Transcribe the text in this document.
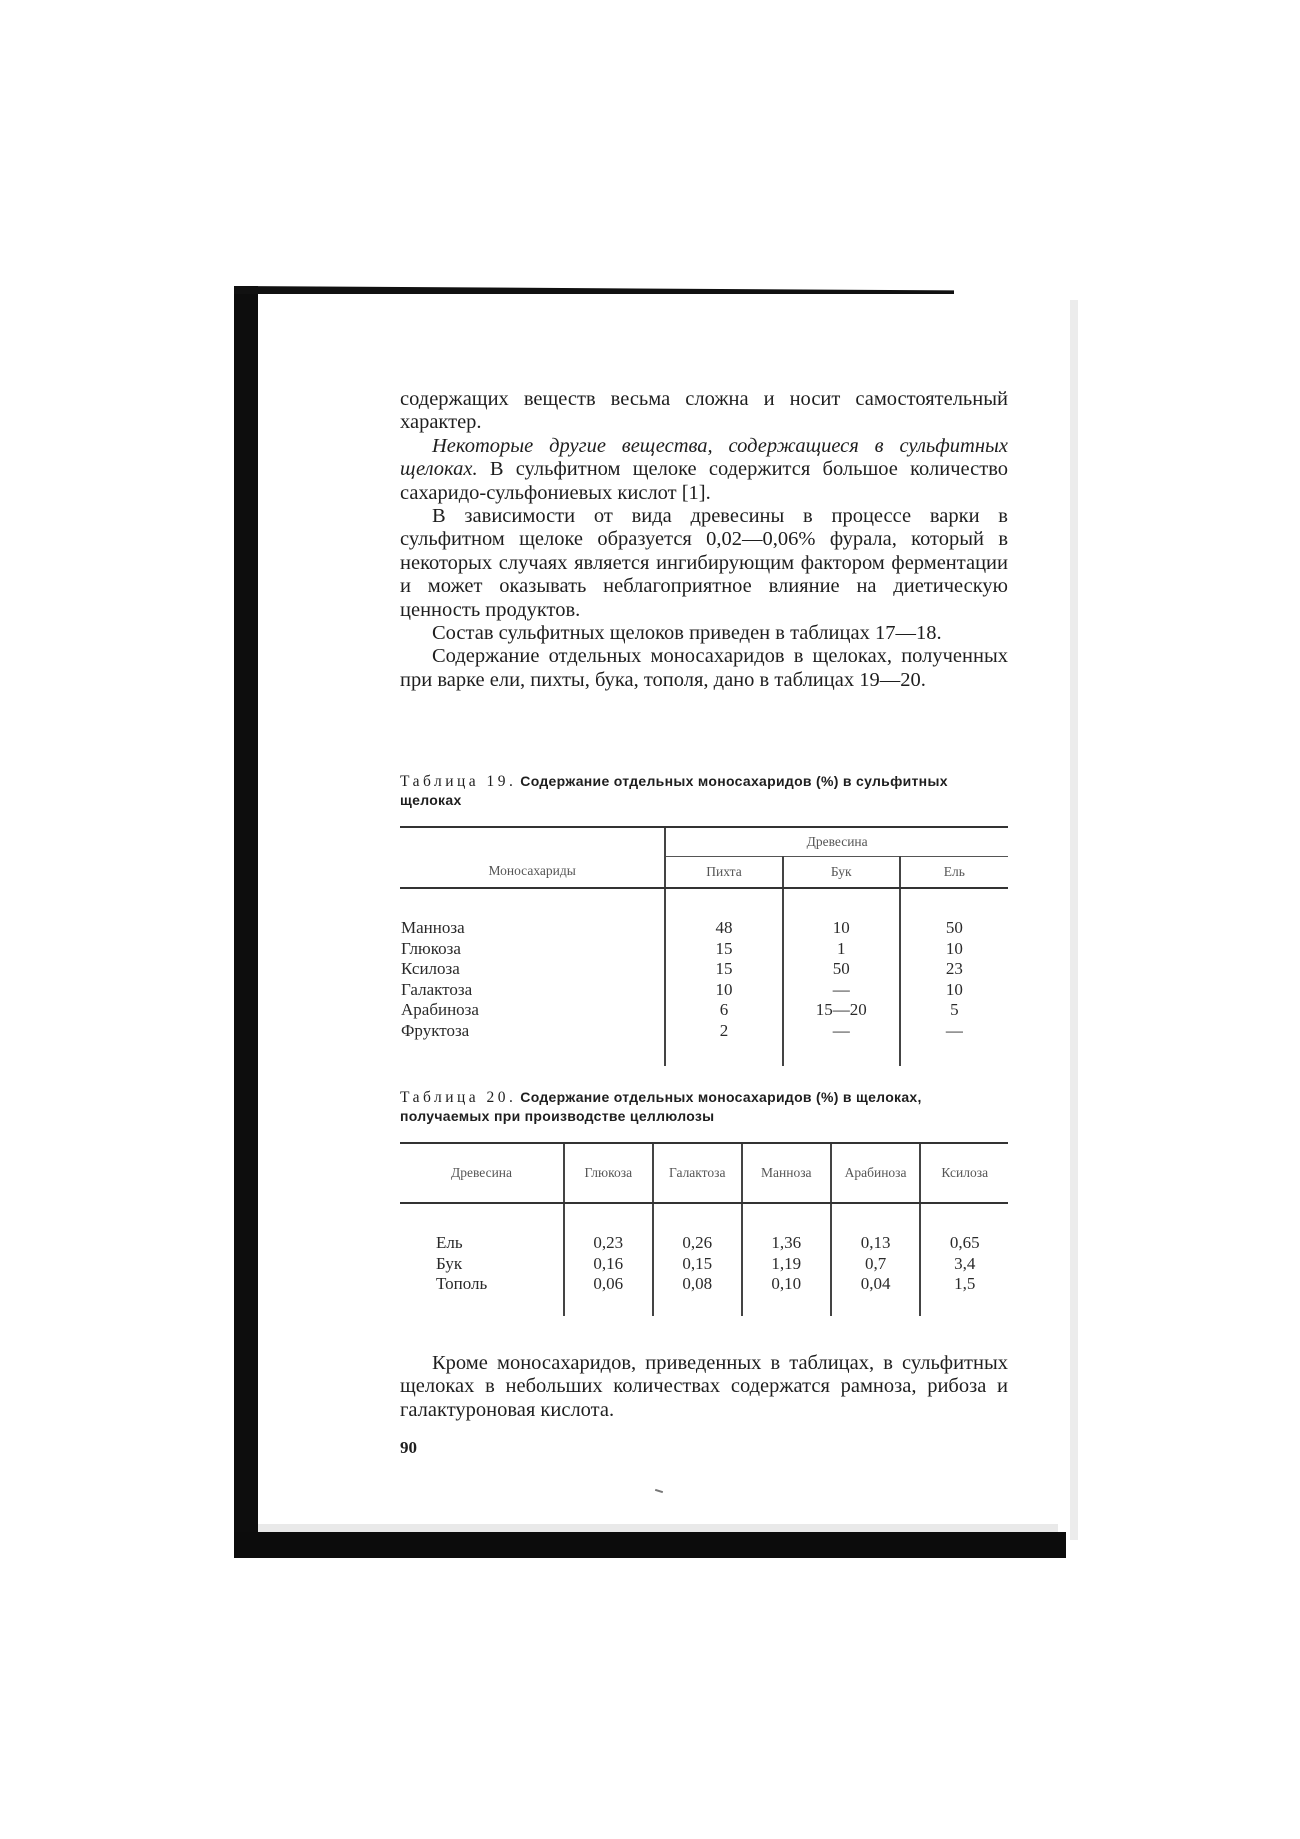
содержащих веществ весьма сложна и носит самостоятельный характер.

Некоторые другие вещества, содержащиеся в сульфитных щелоках. В сульфитном щелоке содержится большое количество сахаридо-сульфониевых кислот [1].

В зависимости от вида древесины в процессе варки в сульфитном щелоке образуется 0,02—0,06% фурала, который в некоторых случаях является ингибирующим фактором ферментации и может оказывать неблагоприятное влияние на диетическую ценность продуктов.

Состав сульфитных щелоков приведен в таблицах 17—18.

Содержание отдельных моносахаридов в щелоках, полученных при варке ели, пихты, бука, тополя, дано в таблицах 19—20.

Таблица 19. Содержание отдельных моносахаридов (%) в сульфитных щелоках

Моносахариды	Древесина		
	Пихта	Бук	Ель
Манноза	48	10	50
Глюкоза	15	1	10
Ксилоза	15	50	23
Галактоза	10	—	10
Арабиноза	6	15—20	5
Фруктоза	2	—	—

Таблица 20. Содержание отдельных моносахаридов (%) в щелоках, получаемых при производстве целлюлозы

Древесина	Глюкоза	Галактоза	Манноза	Арабиноза	Ксилоза
Ель	0,23	0,26	1,36	0,13	0,65
Бук	0,16	0,15	1,19	0,7	3,4
Тополь	0,06	0,08	0,10	0,04	1,5

Кроме моносахаридов, приведенных в таблицах, в сульфитных щелоках в небольших количествах содержатся рамноза, рибоза и галактуроновая кислота.

90
